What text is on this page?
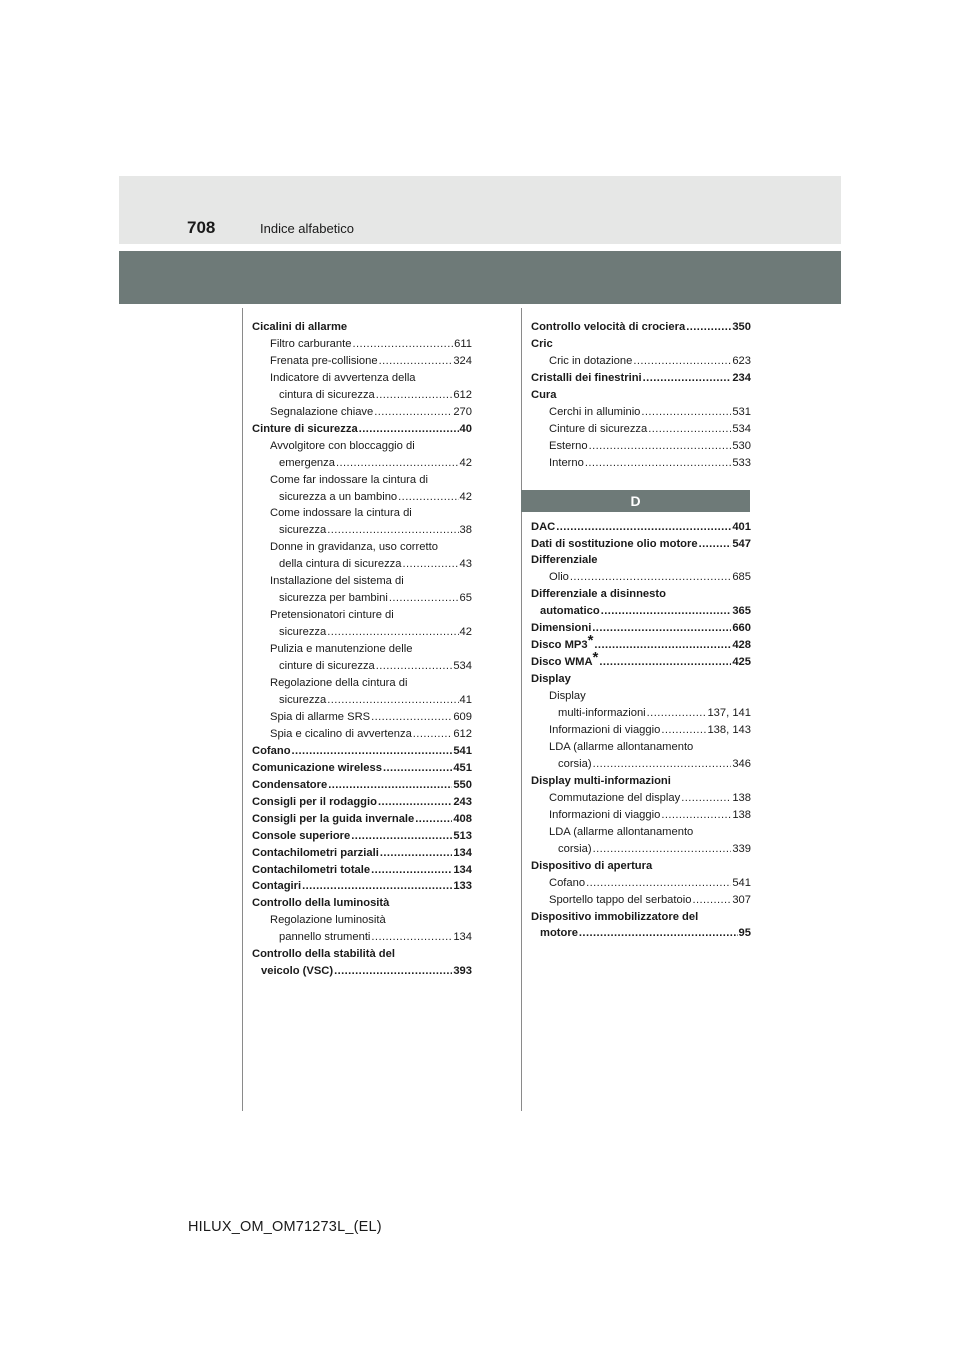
708	Indice alfabetico
Cicalini di allarme
Filtro carburante .....	611
Frenata pre-collisione .....	324
Indicatore di avvertenza della
cintura di sicurezza .....	612
Segnalazione chiave .....	270
Cinture di sicurezza .....	40
Avvolgitore con bloccaggio di
emergenza .....	42
Come far indossare la cintura di
sicurezza a un bambino .....	42
Come indossare la cintura di
sicurezza .....	38
Donne in gravidanza, uso corretto
della cintura di sicurezza .....	43
Installazione del sistema di
sicurezza per bambini .....	65
Pretensionatori cinture di
sicurezza .....	42
Pulizia e manutenzione delle
cinture di sicurezza .....	534
Regolazione della cintura di
sicurezza .....	41
Spia di allarme SRS .....	609
Spia e cicalino di avvertenza .....	612
Cofano .....	541
Comunicazione wireless .....	451
Condensatore .....	550
Consigli per il rodaggio .....	243
Consigli per la guida invernale .....	408
Console superiore .....	513
Contachilometri parziali .....	134
Contachilometri totale .....	134
Contagiri .....	133
Controllo della luminosità
Regolazione luminosità
pannello strumenti .....	134
Controllo della stabilità del
veicolo (VSC) .....	393
Controllo velocità di crociera .....	350
Cric
Cric in dotazione .....	623
Cristalli dei finestrini .....	234
Cura
Cerchi in alluminio .....	531
Cinture di sicurezza .....	534
Esterno .....	530
Interno .....	533
D
DAC .....	401
Dati di sostituzione olio motore .....	547
Differenziale
Olio .....	685
Differenziale a disinnesto
automatico .....	365
Dimensioni .....	660
Disco MP3* .....	428
Disco WMA* .....	425
Display
Display
multi-informazioni .....	137, 141
Informazioni di viaggio .....	138, 143
LDA (allarme allontanamento
corsia) .....	346
Display multi-informazioni
Commutazione del display .....	138
Informazioni di viaggio .....	138
LDA (allarme allontanamento
corsia) .....	339
Dispositivo di apertura
Cofano .....	541
Sportello tappo del serbatoio .....	307
Dispositivo immobilizzatore del
motore .....	95
HILUX_OM_OM71273L_(EL)
